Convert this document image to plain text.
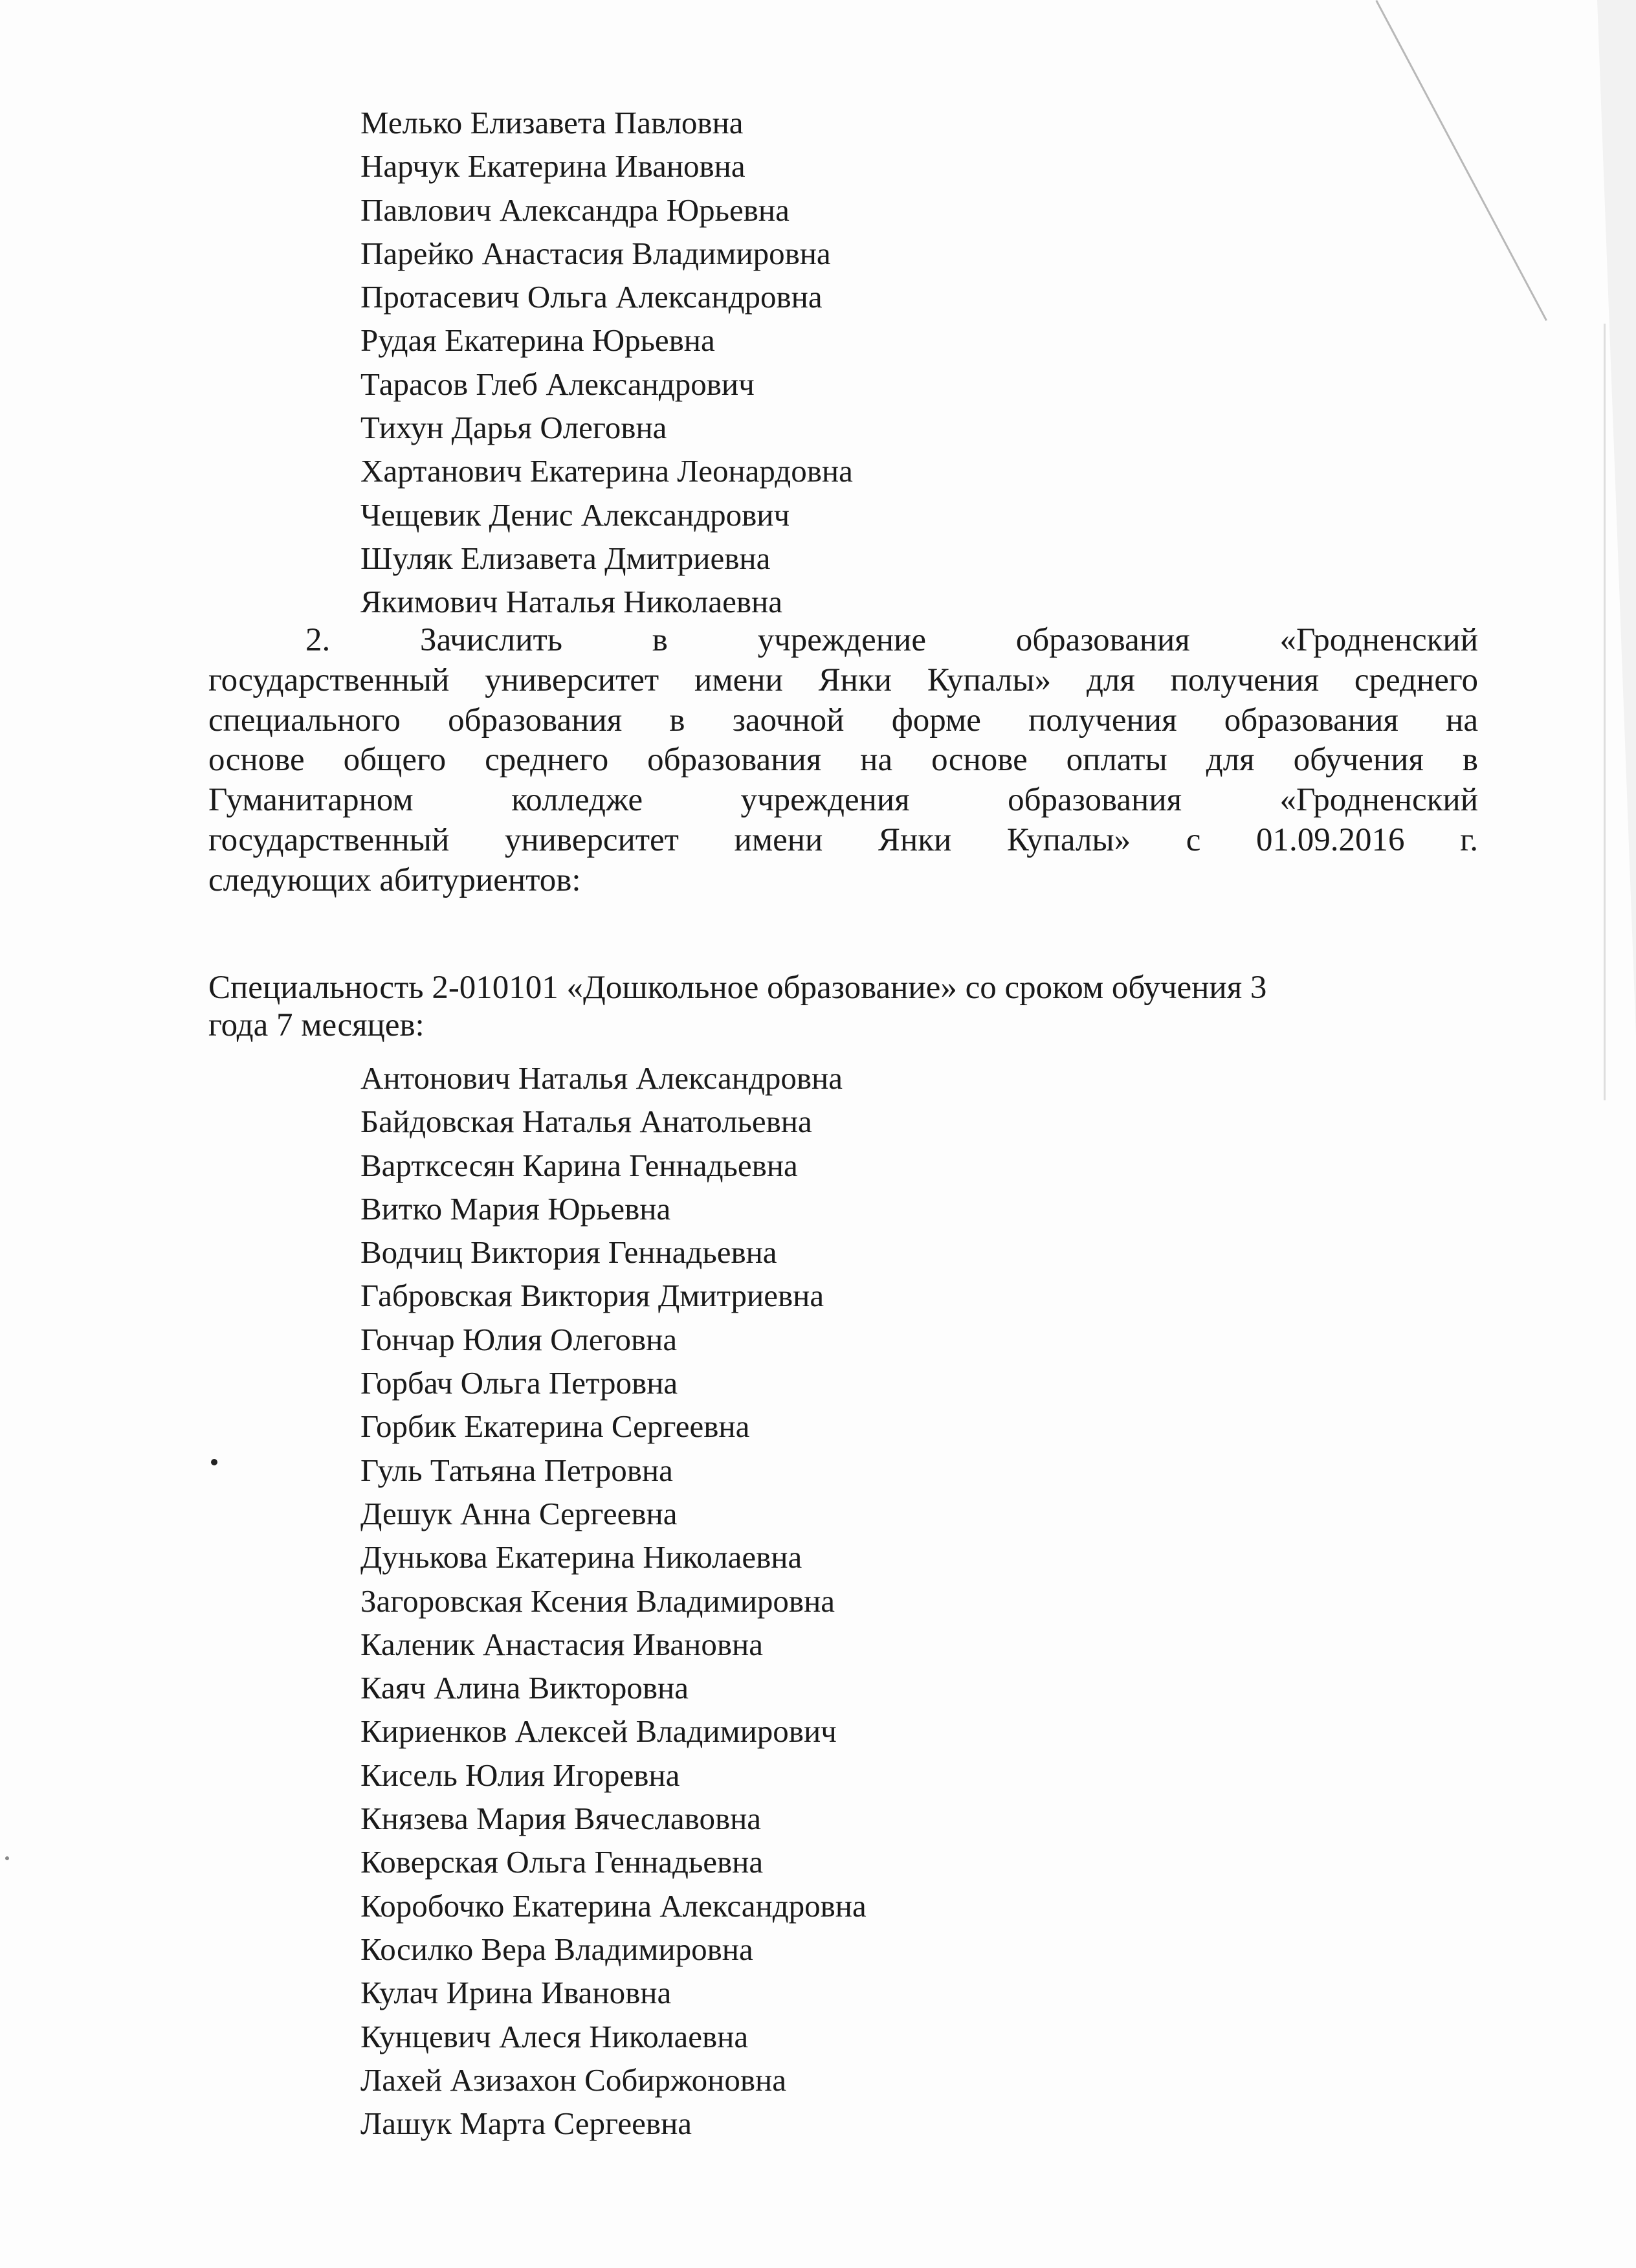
Мелько Елизавета Павловна
Нарчук Екатерина Ивановна
Павлович Александра Юрьевна
Парейко Анастасия Владимировна
Протасевич Ольга Александровна
Рудая Екатерина Юрьевна
Тарасов Глеб Александрович
Тихун Дарья Олеговна
Хартанович Екатерина Леонардовна
Чещевик Денис Александрович
Шуляк Елизавета Дмитриевна
Якимович Наталья Николаевна
2. Зачислить в учреждение образования «Гродненский
государственный университет имени Янки Купалы» для получения среднего
специального образования в заочной форме получения образования на
основе общего среднего образования на основе оплаты для обучения в
Гуманитарном колледже учреждения образования «Гродненский
государственный университет имени Янки Купалы» с 01.09.2016 г.
следующих абитуриентов:
Специальность 2-010101 «Дошкольное образование» со сроком обучения 3
года 7 месяцев:
Антонович Наталья Александровна
Байдовская Наталья Анатольевна
Вартксесян Карина Геннадьевна
Витко Мария Юрьевна
Водчиц Виктория Геннадьевна
Габровская Виктория Дмитриевна
Гончар Юлия Олеговна
Горбач Ольга Петровна
Горбик Екатерина Сергеевна
Гуль Татьяна Петровна
Дешук Анна Сергеевна
Дунькова Екатерина Николаевна
Загоровская Ксения Владимировна
Каленик Анастасия Ивановна
Каяч Алина Викторовна
Кириенков Алексей Владимирович
Кисель Юлия Игоревна
Князева Мария Вячеславовна
Коверская Ольга Геннадьевна
Коробочко Екатерина Александровна
Косилко Вера Владимировна
Кулач Ирина Ивановна
Кунцевич Алеся Николаевна
Лахей Азизахон Собиржоновна
Лашук Марта Сергеевна
